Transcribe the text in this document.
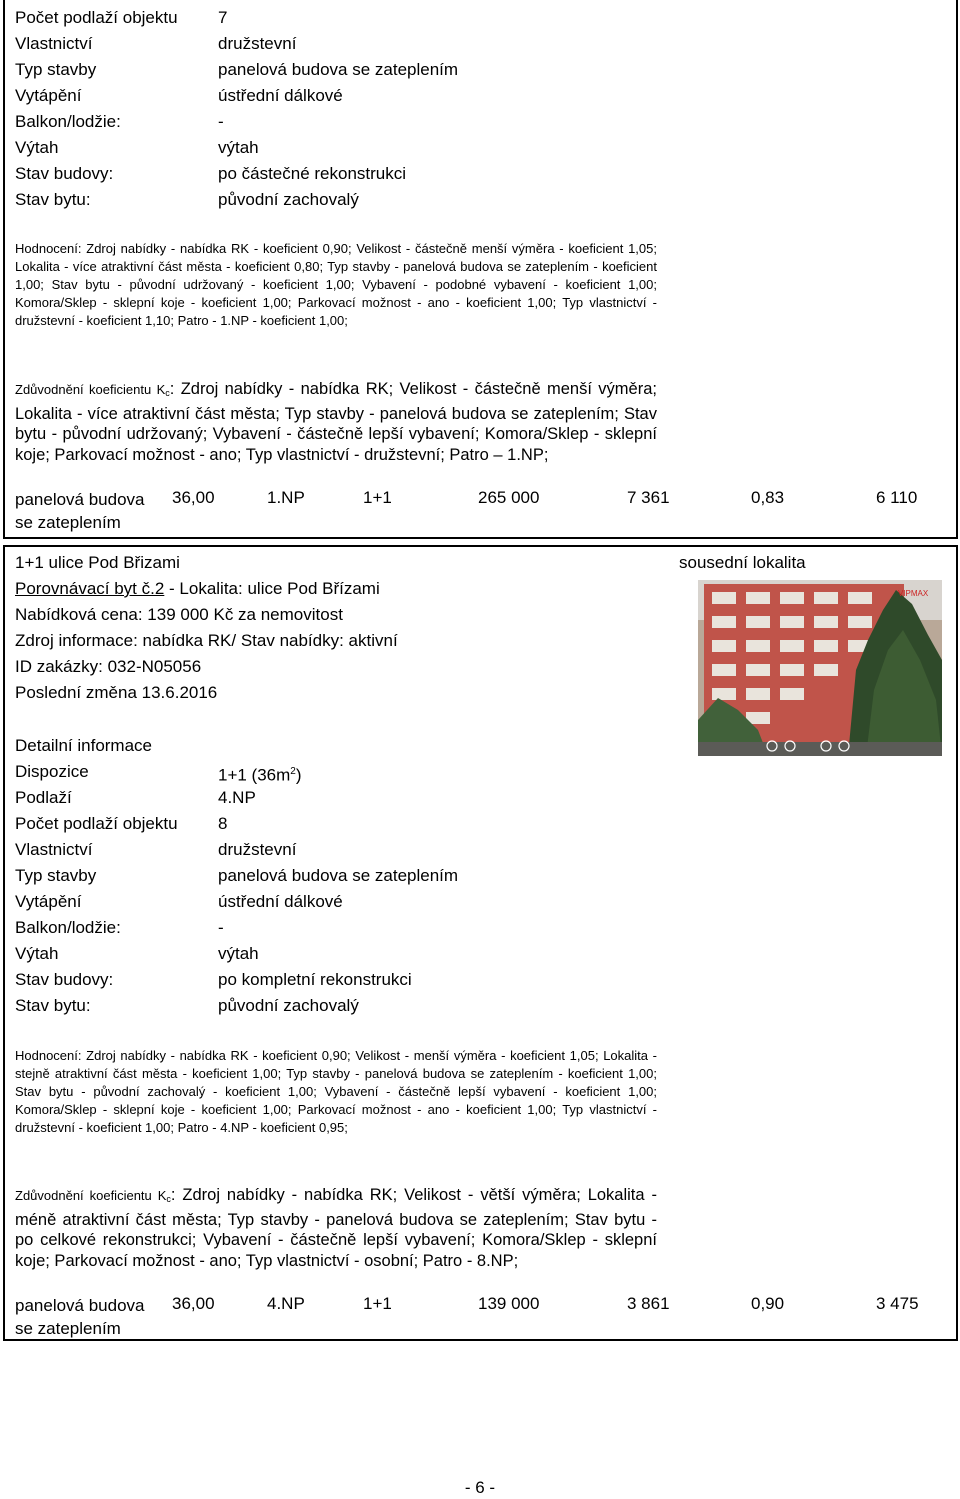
Počet podlaží objektu 7
Vlastnictví	družstevní
Typ stavby	panelová budova se zateplením
Vytápění	ústřední dálkové
Balkon/lodžie:	-
Výtah	výtah
Stav budovy:	po částečné rekonstrukci
Stav bytu:	původní zachovalý
Hodnocení: Zdroj nabídky - nabídka RK - koeficient 0,90; Velikost - částečně menší výměra - koeficient 1,05; Lokalita - více atraktivní část města - koeficient 0,80; Typ stavby - panelová budova se zateplením - koeficient 1,00; Stav bytu - původní udržovaný - koeficient 1,00; Vybavení - podobné vybavení - koeficient 1,00; Komora/Sklep - sklepní koje - koeficient 1,00; Parkovací možnost - ano - koeficient 1,00; Typ vlastnictví - družstevní - koeficient 1,10; Patro - 1.NP - koeficient 1,00;
Zdůvodnění koeficientu $K_c$: Zdroj nabídky - nabídka RK; Velikost - částečně menší výměra; Lokalita - více atraktivní část města; Typ stavby - panelová budova se zateplením; Stav bytu - původní udržovaný; Vybavení - částečně lepší vybavení; Komora/Sklep - sklepní koje; Parkovací možnost - ano; Typ vlastnictví - družstevní; Patro – 1.NP;
panelová budova
se zateplením
36,00	1.NP	1+1	265 000	7 361	0,83	6 110
1+1 ulice Pod Břizami	sousední lokalita
Porovnávací byt č.2 - Lokalita: ulice Pod Břízami
Nabídková cena: 139 000 Kč za nemovitost
Zdroj informace: nabídka RK/ Stav nabídky: aktivní
ID zakázky: 032-N05056
Poslední změna 13.6.2016
VIPMAX
Detailní informace
Dispozice	1+1 $(36m^2)$
Podlaží	4.NP
Počet podlaží objektu 8
Vlastnictví	družstevní
Typ stavby	panelová budova se zateplením
Vytápění	ústřední dálkové
Balkon/lodžie:	-
Výtah	výtah
Stav budovy:	po kompletní rekonstrukci
Stav bytu:	původní zachovalý
Hodnocení: Zdroj nabídky - nabídka RK - koeficient 0,90; Velikost - menší výměra - koeficient 1,05; Lokalita - stejně atraktivní část města - koeficient 1,00; Typ stavby - panelová budova se zateplením - koeficient 1,00; Stav bytu - původní zachovalý - koeficient 1,00; Vybavení - částečně lepší vybavení - koeficient 1,00; Komora/Sklep - sklepní koje - koeficient 1,00; Parkovací možnost - ano - koeficient 1,00; Typ vlastnictví - družstevní - koeficient 1,00; Patro - 4.NP - koeficient 0,95;
Zdůvodnění koeficientu $K_c$: Zdroj nabídky - nabídka RK; Velikost - větší výměra; Lokalita - méně atraktivní část města; Typ stavby - panelová budova se zateplením; Stav bytu - po celkové rekonstrukci; Vybavení - částečně lepší vybavení; Komora/Sklep - sklepní koje; Parkovací možnost - ano; Typ vlastnictví - osobní; Patro - 8.NP;
panelová budova
se zateplením
36,00	4.NP	1+1	139 000	3 861	0,90	3 475
- 6 -
